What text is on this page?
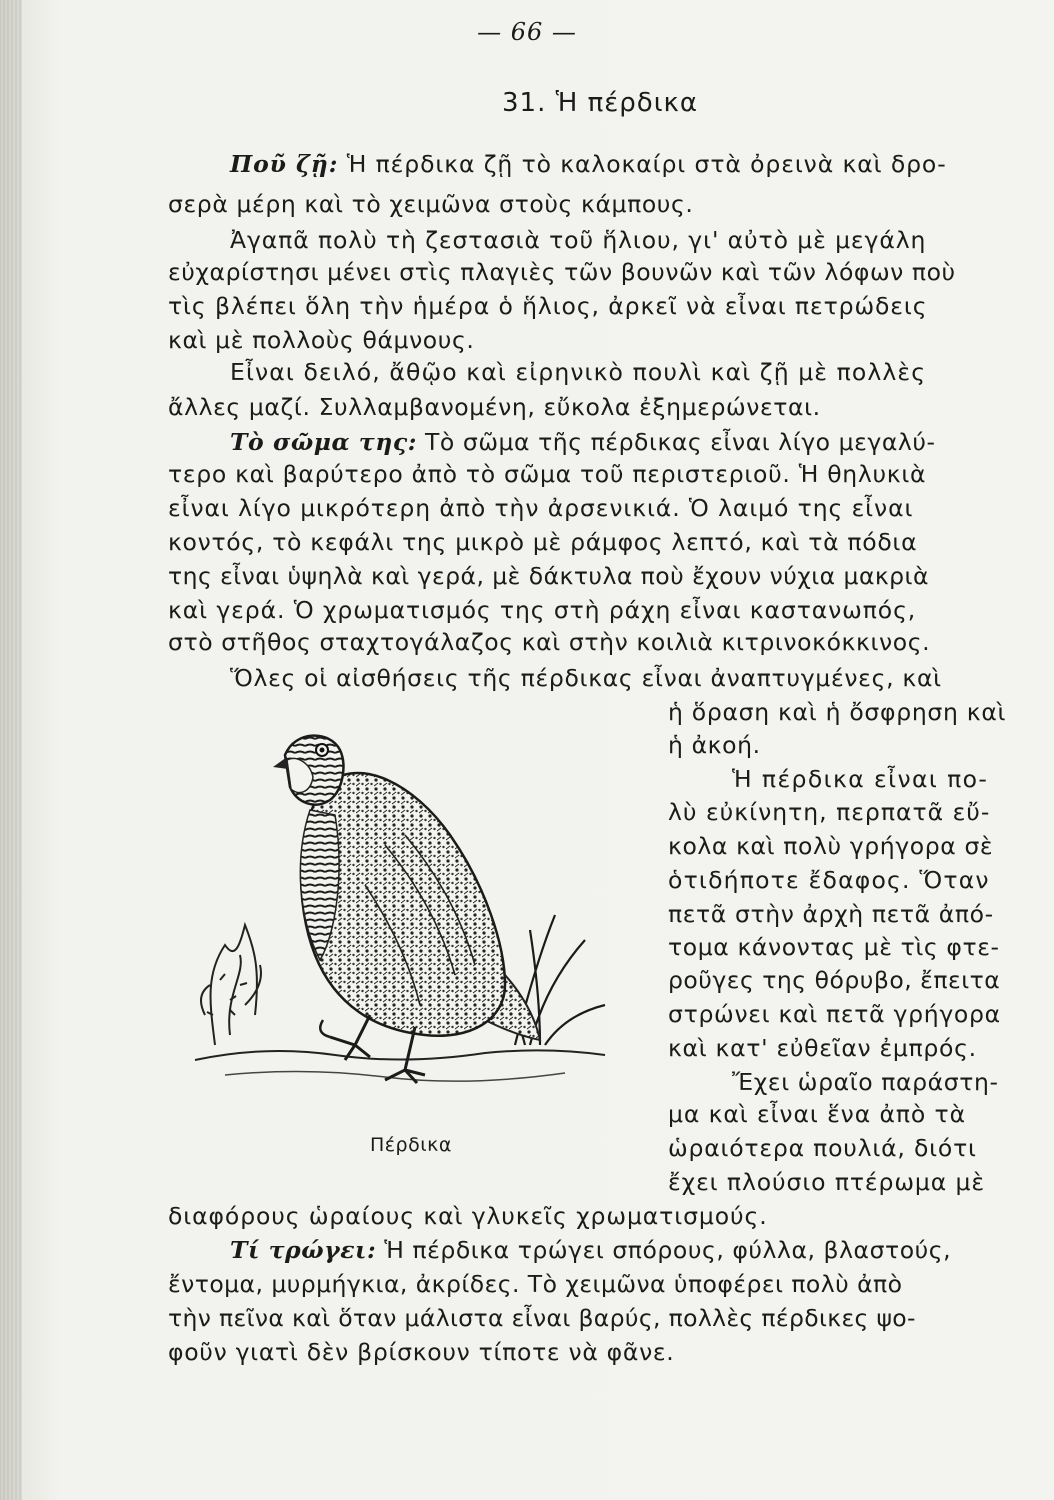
— 66 —
31. Ἡ πέρδικα
Ποῦ ζῇ: Ἡ πέρδικα ζῇ τὸ καλοκαίρι στὰ ὀρεινὰ καὶ δρο-
σερὰ μέρη καὶ τὸ χειμῶνα στοὺς κάμπους.
Ἀγαπᾶ πολὺ τὴ ζεστασιὰ τοῦ ἥλιου, γι' αὐτὸ μὲ μεγάλη
εὐχαρίστησι μένει στὶς πλαγιὲς τῶν βουνῶν καὶ τῶν λόφων ποὺ
τὶς βλέπει ὅλη τὴν ἡμέρα ὁ ἥλιος, ἀρκεῖ νὰ εἶναι πετρώδεις
καὶ μὲ πολλοὺς θάμνους.
Εἶναι δειλό, ἄθῷο καὶ εἰρηνικὸ πουλὶ καὶ ζῇ μὲ πολλὲς
ἄλλες μαζί. Συλλαμβανομένη, εὔκολα ἐξημερώνεται.
Τὸ σῶμα της: Τὸ σῶμα τῆς πέρδικας εἶναι λίγο μεγαλύ-
τερο καὶ βαρύτερο ἀπὸ τὸ σῶμα τοῦ περιστεριοῦ. Ἡ θηλυκιὰ
εἶναι λίγο μικρότερη ἀπὸ τὴν ἀρσενικιά. Ὁ λαιμό της εἶναι
κοντός, τὸ κεφάλι της μικρὸ μὲ ράμφος λεπτό, καὶ τὰ πόδια
της εἶναι ὑψηλὰ καὶ γερά, μὲ δάκτυλα ποὺ ἔχουν νύχια μακριὰ
καὶ γερά. Ὁ χρωματισμός της στὴ ράχη εἶναι καστανωπός,
στὸ στῆθος σταχτογάλαζος καὶ στὴν κοιλιὰ κιτρινοκόκκινος.
Ὅλες οἱ αἰσθήσεις τῆς πέρδικας εἶναι ἀναπτυγμένες, καὶ
ἡ ὅραση καὶ ἡ ὄσφρηση καὶ
ἡ ἀκοή.
Ἡ πέρδικα εἶναι πο-
λὺ εὐκίνητη, περπατᾶ εὔ-
κολα καὶ πολὺ γρήγορα σὲ
ὁτιδήποτε ἔδαφος. Ὅταν
πετᾶ στὴν ἀρχὴ πετᾶ ἀπό-
τομα κάνοντας μὲ τὶς φτε-
ροῦγες της θόρυβο, ἔπειτα
στρώνει καὶ πετᾶ γρήγορα
καὶ κατ' εὐθεῖαν ἐμπρός.
Ἔχει ὡραῖο παράστη-
μα καὶ εἶναι ἕνα ἀπὸ τὰ
ὡραιότερα πουλιά, διότι
ἔχει πλούσιο πτέρωμα μὲ
διαφόρους ὡραίους καὶ γλυκεῖς χρωματισμούς.
Τί τρώγει: Ἡ πέρδικα τρώγει σπόρους, φύλλα, βλαστούς,
ἔντομα, μυρμήγκια, ἀκρίδες. Τὸ χειμῶνα ὑποφέρει πολὺ ἀπὸ
τὴν πεῖνα καὶ ὅταν μάλιστα εἶναι βαρύς, πολλὲς πέρδικες ψο-
φοῦν γιατὶ δὲν βρίσκουν τίποτε νὰ φᾶνε.
Πέρδικα
